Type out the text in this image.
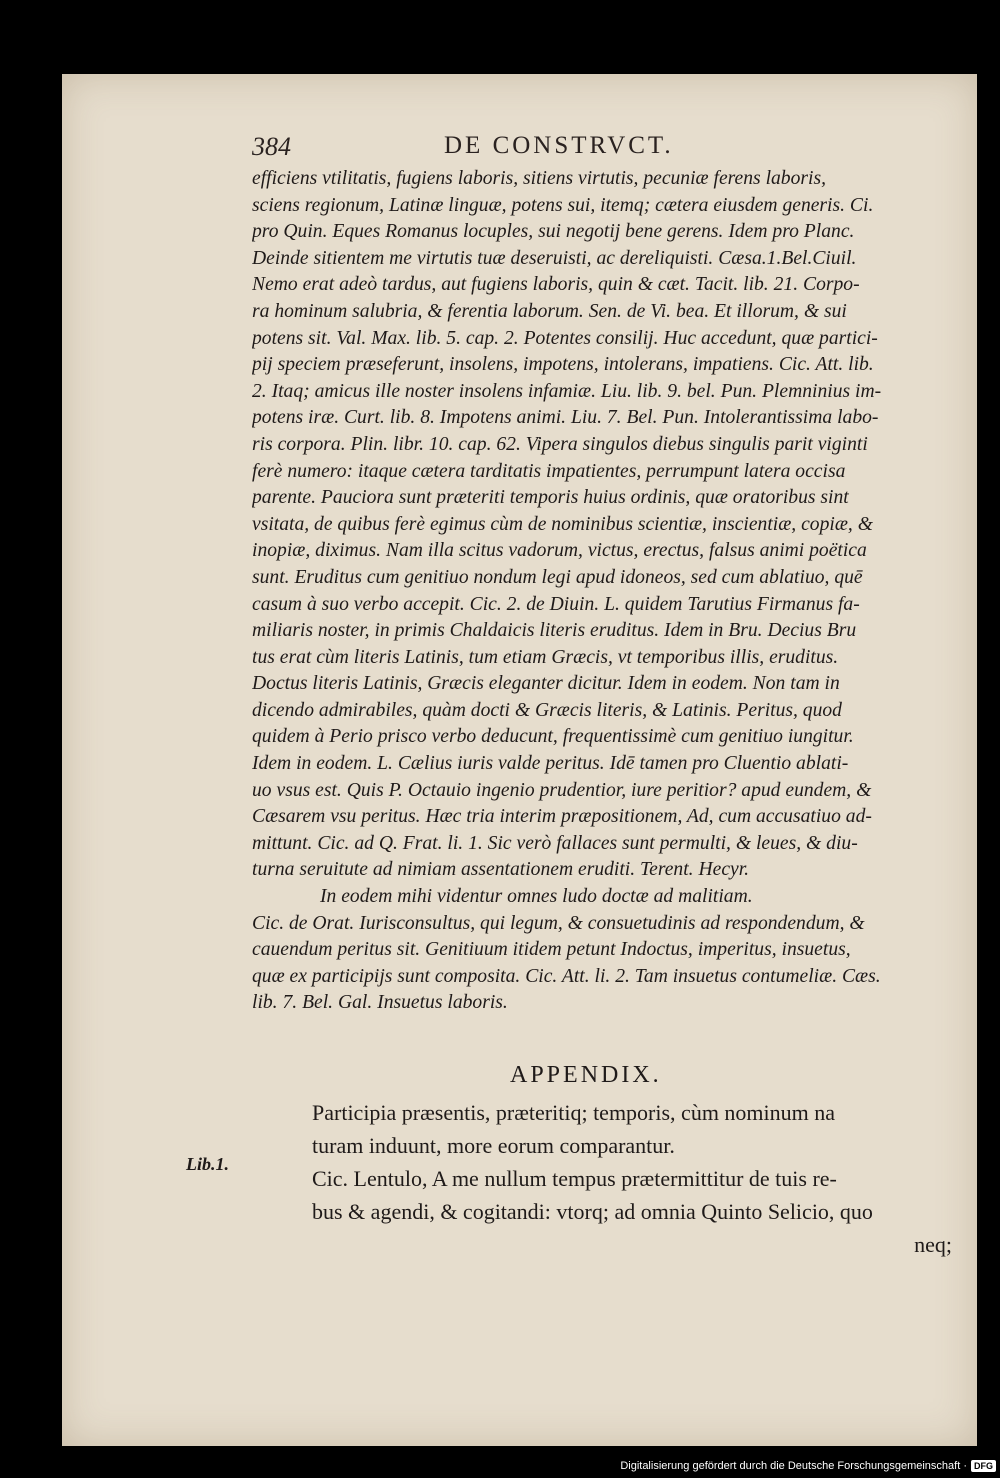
384	DE CONSTRVCT.
efficiens vtilitatis, fugiens laboris, sitiens virtutis, pecuniæ ferens laboris,
sciens regionum, Latinæ linguæ, potens sui, itemq; cætera eiusdem generis. Ci.
pro Quin. Eques Romanus locuples, sui negotij bene gerens. Idem pro Planc.
Deinde sitientem me virtutis tuæ deseruisti, ac dereliquisti. Cæsa.1.Bel.Ciuil.
Nemo erat adeò tardus, aut fugiens laboris, quin & cæt. Tacit. lib. 21. Corpo-
ra hominum salubria, & ferentia laborum. Sen. de Vi. bea. Et illorum, & sui
potens sit. Val. Max. lib. 5. cap. 2. Potentes consilij. Huc accedunt, quæ partici-
pij speciem præseferunt, insolens, impotens, intolerans, impatiens. Cic. Att. lib.
2. Itaq; amicus ille noster insolens infamiæ. Liu. lib. 9. bel. Pun. Plemninius im-
potens iræ. Curt. lib. 8. Impotens animi. Liu. 7. Bel. Pun. Intolerantissima labo-
ris corpora. Plin. libr. 10. cap. 62. Vipera singulos diebus singulis parit viginti
ferè numero: itaque cætera tarditatis impatientes, perrumpunt latera occisa
parente. Pauciora sunt præteriti temporis huius ordinis, quæ oratoribus sint
vsitata, de quibus ferè egimus cùm de nominibus scientiæ, inscientiæ, copiæ, &
inopiæ, diximus. Nam illa scitus vadorum, victus, erectus, falsus animi poëtica
sunt. Eruditus cum genitiuo nondum legi apud idoneos, sed cum ablatiuo, quē
casum à suo verbo accepit. Cic. 2. de Diuin. L. quidem Tarutius Firmanus fa-
miliaris noster, in primis Chaldaicis literis eruditus. Idem in Bru. Decius Bru
tus erat cùm literis Latinis, tum etiam Græcis, vt temporibus illis, eruditus.
Doctus literis Latinis, Græcis eleganter dicitur. Idem in eodem. Non tam in
dicendo admirabiles, quàm docti & Græcis literis, & Latinis. Peritus, quod
quidem à Perio prisco verbo deducunt, frequentissimè cum genitiuo iungitur.
Idem in eodem. L. Cælius iuris valde peritus. Idē tamen pro Cluentio ablati-
uo vsus est. Quis P. Octauio ingenio prudentior, iure peritior? apud eundem, &
Cæsarem vsu peritus. Hæc tria interim præpositionem, Ad, cum accusatiuo ad-
mittunt. Cic. ad Q. Frat. li. 1. Sic verò fallaces sunt permulti, & leues, & diu-
turna seruitute ad nimiam assentationem eruditi. Terent. Hecyr.
In eodem mihi videntur omnes ludo doctæ ad malitiam.
Cic. de Orat. Iurisconsultus, qui legum, & consuetudinis ad respondendum, &
cauendum peritus sit. Genitiuum itidem petunt Indoctus, imperitus, insuetus,
quæ ex participijs sunt composita. Cic. Att. li. 2. Tam insuetus contumeliæ. Cæs.
lib. 7. Bel. Gal. Insuetus laboris.
APPENDIX.
Participia præsentis, præteritiq; temporis, cùm nominum na
turam induunt, more eorum comparantur.
Cic. Lentulo, A me nullum tempus prætermittitur de tuis re-
bus & agendi, & cogitandi: vtorq; ad omnia Quinto Selicio, quo
neq;
Lib.1.
Digitalisierung gefördert durch die Deutsche Forschungsgemeinschaft · DFG
